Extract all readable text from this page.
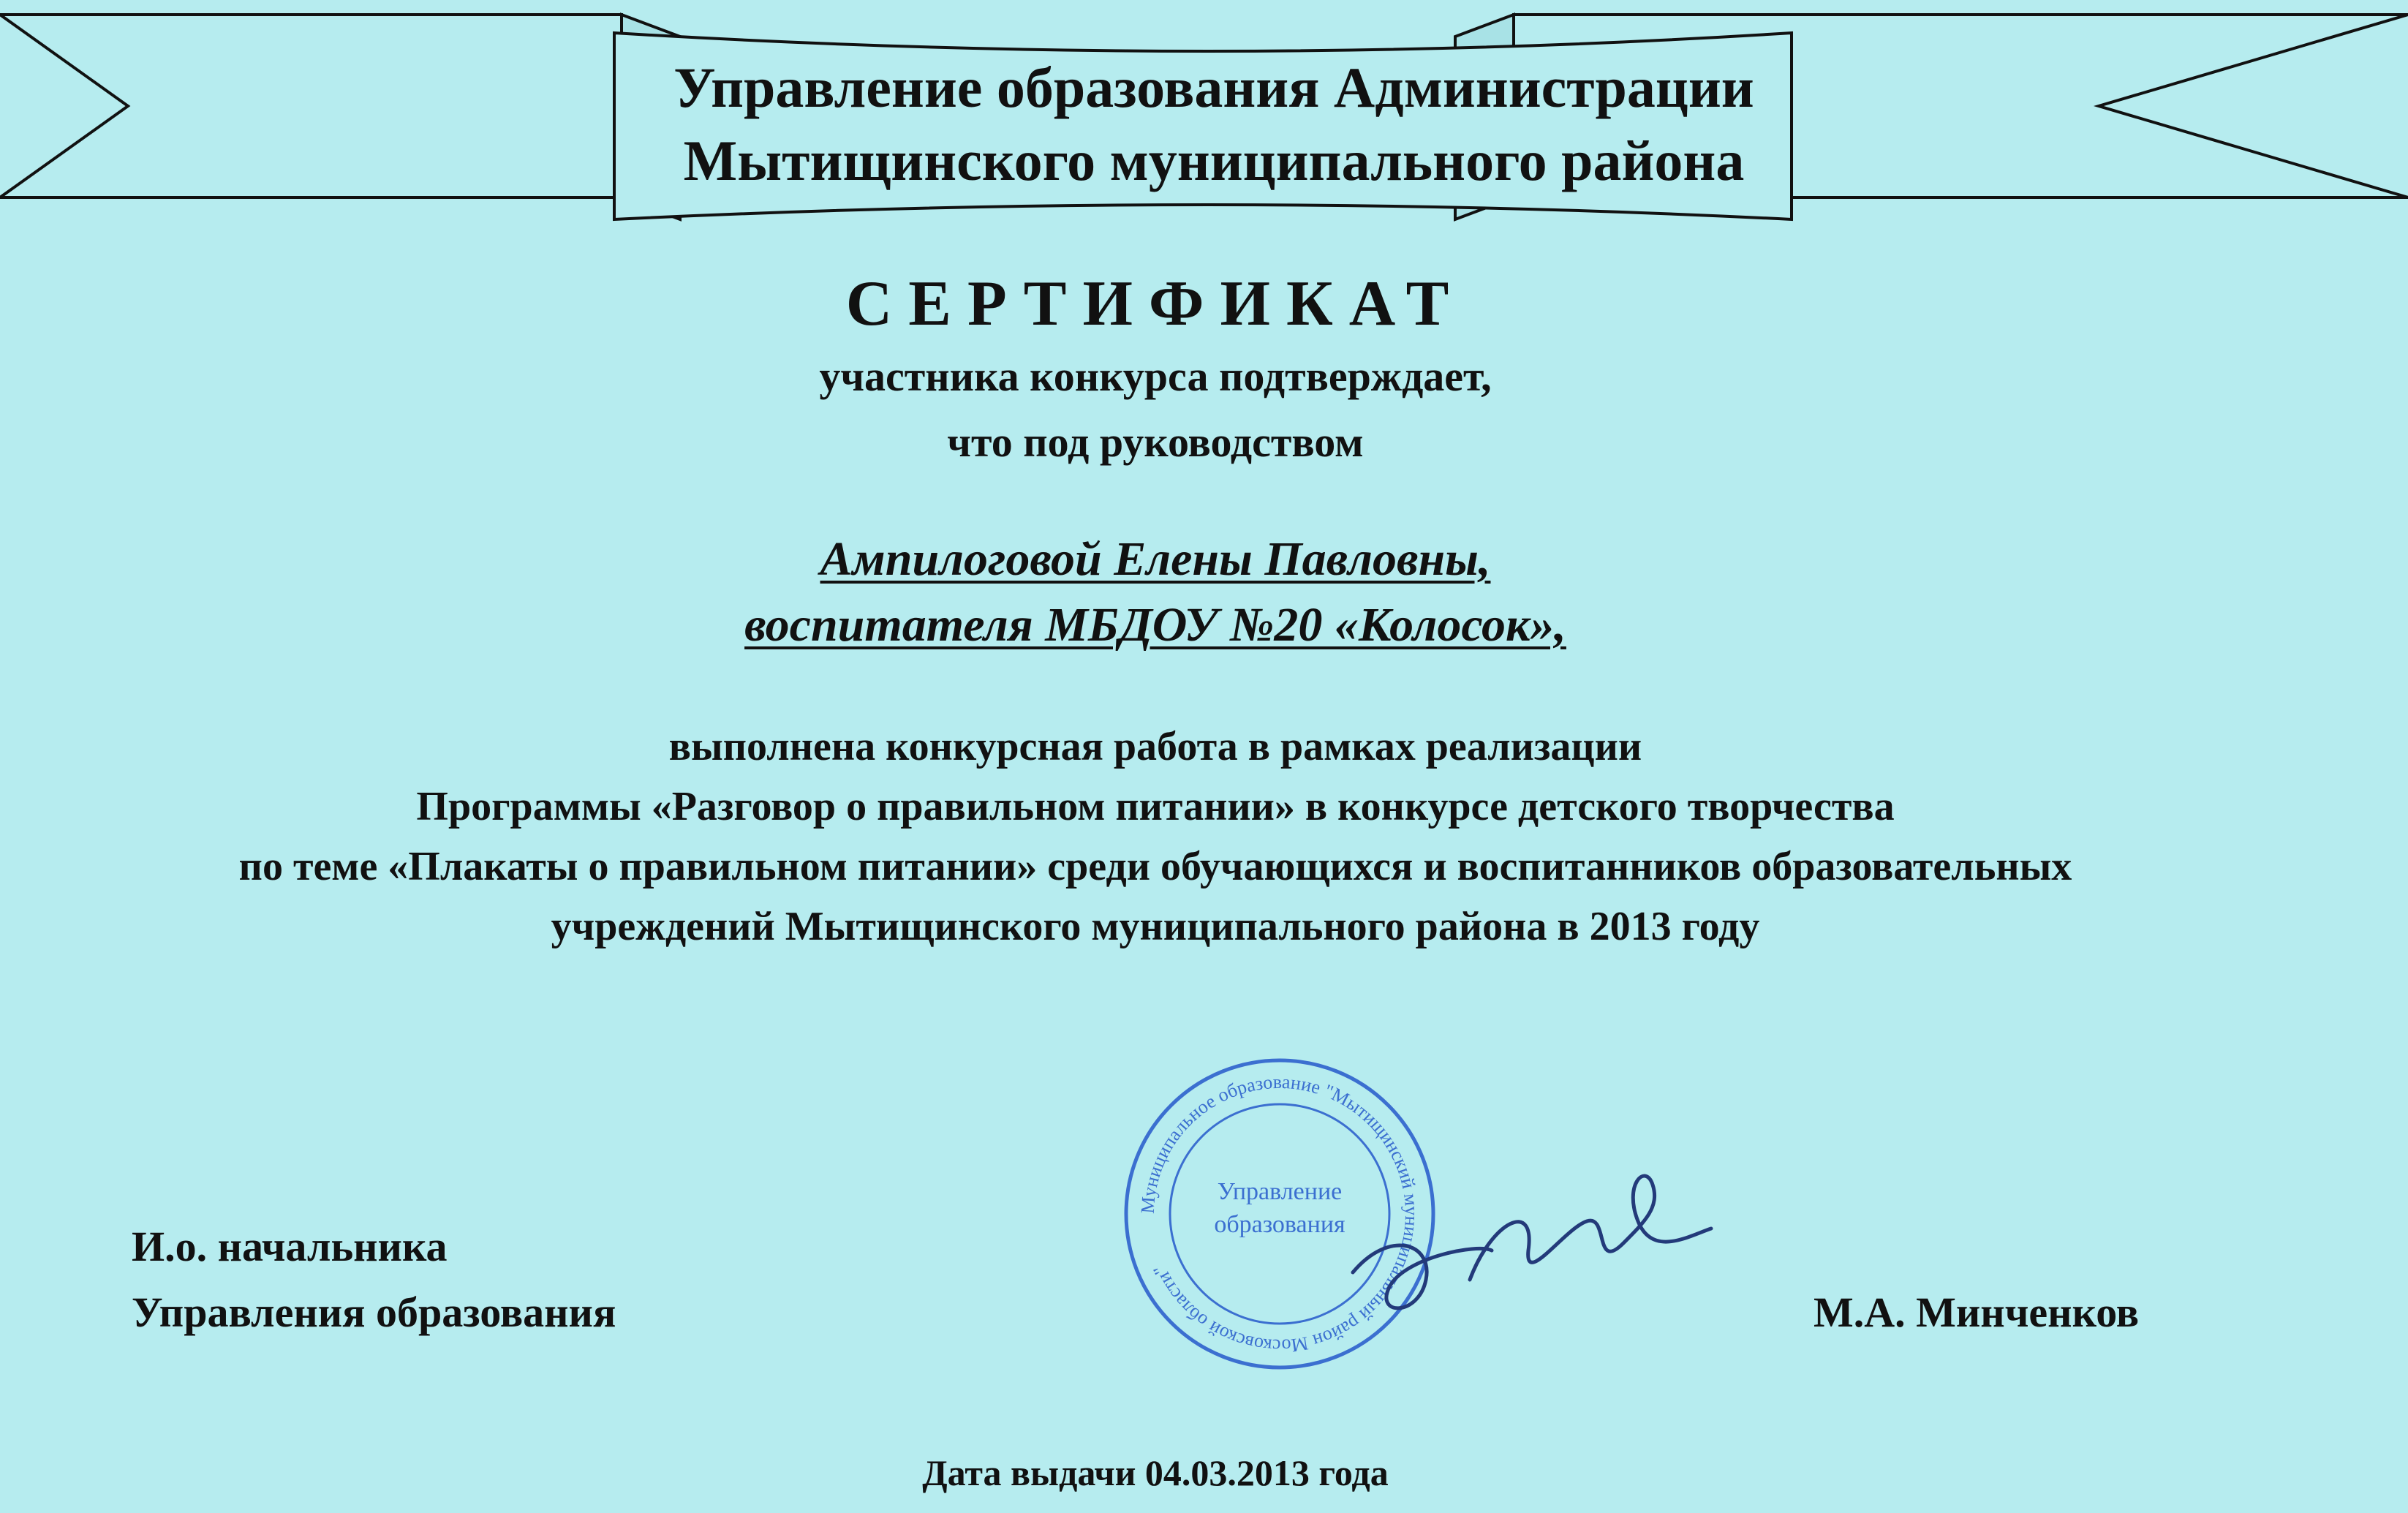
Управление образования Администрации
Мытищинского муниципального района
СЕРТИФИКАТ
участника конкурса подтверждает,
что под руководством
Ампилоговой Елены Павловны,
воспитателя МБДОУ №20 «Колосок»,
выполнена конкурсная работа в рамках реализации
Программы «Разговор о правильном питании» в конкурсе детского творчества
по теме «Плакаты о правильном питании» среди обучающихся и воспитанников образовательных
учреждений Мытищинского муниципального района в 2013 году
Муниципальное образование "Мытищинский муниципальный район Московской области"
Управление
образования
И.о. начальника
Управления образования	М.А. Минченков
Дата выдачи 04.03.2013 года
